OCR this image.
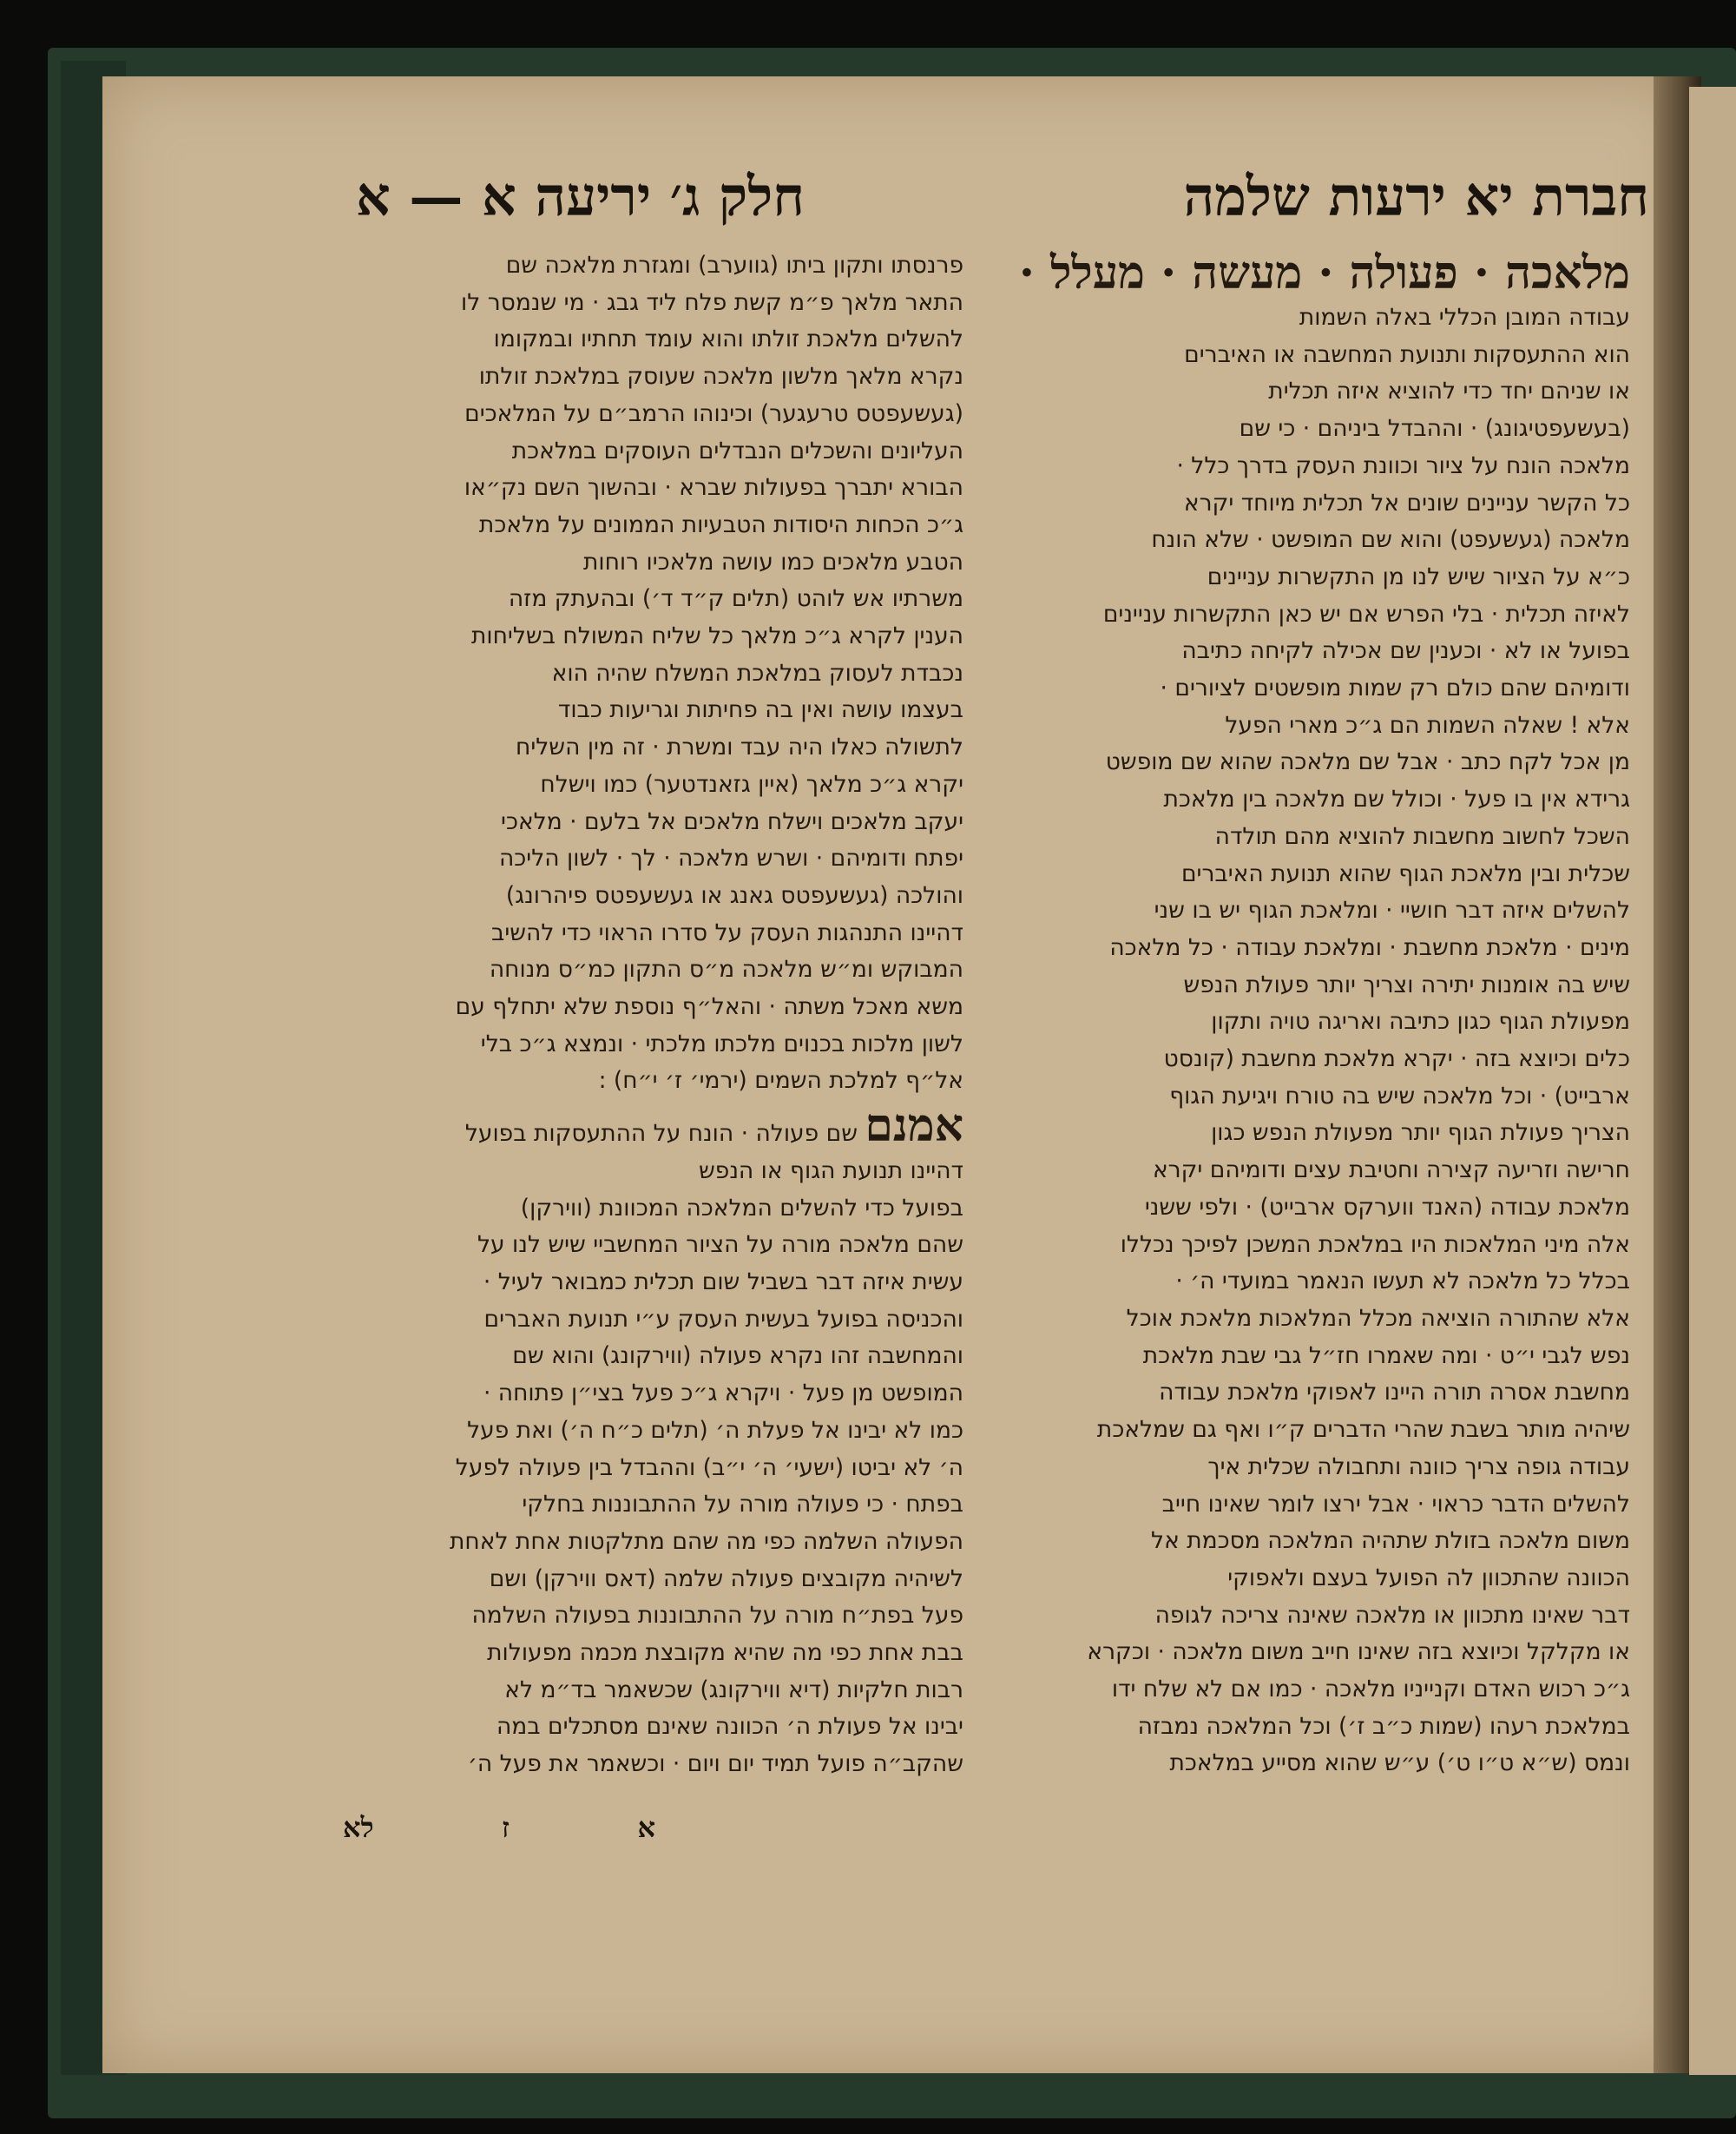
חברת יא ירעות שלמה
חלק ג׳ יריעה א — א

מלאכה · פעולה · מעשה · מעלל ·

עבודה המובן הכללי באלה השמות

הוא ההתעסקות ותנועת המחשבה או האיברים

או שניהם יחד כדי להוציא איזה תכלית

(בעשעפטיגונג) · וההבדל ביניהם · כי שם

מלאכה הונח על ציור וכוונת העסק בדרך כלל ·

כל הקשר עניינים שונים אל תכלית מיוחד יקרא

מלאכה (געשעפט) והוא שם המופשט · שלא הונח

כ״א על הציור שיש לנו מן התקשרות עניינים

לאיזה תכלית · בלי הפרש אם יש כאן התקשרות עניינים

בפועל או לא · וכענין שם אכילה לקיחה כתיבה

ודומיהם שהם כולם רק שמות מופשטים לציורים ·

אלא ! שאלה השמות הם ג״כ מארי הפעל

מן אכל לקח כתב · אבל שם מלאכה שהוא שם מופשט

גרידא אין בו פעל · וכולל שם מלאכה בין מלאכת

השכל לחשוב מחשבות להוציא מהם תולדה

שכלית ובין מלאכת הגוף שהוא תנועת האיברים

להשלים איזה דבר חושיי · ומלאכת הגוף יש בו שני

מינים · מלאכת מחשבת · ומלאכת עבודה · כל מלאכה

שיש בה אומנות יתירה וצריך יותר פעולת הנפש

מפעולת הגוף כגון כתיבה ואריגה טויה ותקון

כלים וכיוצא בזה · יקרא מלאכת מחשבת (קונסט

ארבייט) · וכל מלאכה שיש בה טורח ויגיעת הגוף

הצריך פעולת הגוף יותר מפעולת הנפש כגון

חרישה וזריעה קצירה וחטיבת עצים ודומיהם יקרא

מלאכת עבודה (האנד ווערקס ארבייט) · ולפי ששני

אלה מיני המלאכות היו במלאכת המשכן לפיכך נכללו

בכלל כל מלאכה לא תעשו הנאמר במועדי ה׳ ·

אלא שהתורה הוציאה מכלל המלאכות מלאכת אוכל

נפש לגבי י״ט · ומה שאמרו חז״ל גבי שבת מלאכת

מחשבת אסרה תורה היינו לאפוקי מלאכת עבודה

שיהיה מותר בשבת שהרי הדברים ק״ו ואף גם שמלאכת

עבודה גופה צריך כוונה ותחבולה שכלית איך

להשלים הדבר כראוי · אבל ירצו לומר שאינו חייב

משום מלאכה בזולת שתהיה המלאכה מסכמת אל

הכוונה שהתכוון לה הפועל בעצם ולאפוקי

דבר שאינו מתכוון או מלאכה שאינה צריכה לגופה

או מקלקל וכיוצא בזה שאינו חייב משום מלאכה · וכקרא

ג״כ רכוש האדם וקנייניו מלאכה · כמו אם לא שלח ידו

במלאכת רעהו (שמות כ״ב ז׳) וכל המלאכה נמבזה

ונמס (ש״א ט״ו ט׳) ע״ש שהוא מסייע במלאכת

פרנסתו ותקון ביתו (גווערב) ומגזרת מלאכה שם

התאר מלאך פ״מ קשת פלח ליד גבג · מי שנמסר לו

להשלים מלאכת זולתו והוא עומד תחתיו ובמקומו

נקרא מלאך מלשון מלאכה שעוסק במלאכת זולתו

(געשעפטס טרעגער) וכינוהו הרמב״ם על המלאכים

העליונים והשכלים הנבדלים העוסקים במלאכת

הבורא יתברך בפעולות שברא · ובהשוך השם נק״או

ג״כ הכחות היסודות הטבעיות הממונים על מלאכת

הטבע מלאכים כמו עושה מלאכיו רוחות

משרתיו אש לוהט (תלים ק״ד ד׳) ובהעתק מזה

הענין לקרא ג״כ מלאך כל שליח המשולח בשליחות

נכבדת לעסוק במלאכת המשלח שהיה הוא

בעצמו עושה ואין בה פחיתות וגריעות כבוד

לתשולה כאלו היה עבד ומשרת · זה מין השליח

יקרא ג״כ מלאך (איין גזאנדטער) כמו וישלח

יעקב מלאכים וישלח מלאכים אל בלעם · מלאכי

יפתח ודומיהם · ושרש מלאכה · לך · לשון הליכה

והולכה (געשעפטס גאנג או געשעפטס פיהרונג)

דהיינו התנהגות העסק על סדרו הראוי כדי להשיב

המבוקש ומ״ש מלאכה מ״ס התקון כמ״ס מנוחה

משא מאכל משתה · והאל״ף נוספת שלא יתחלף עם

לשון מלכות בכנוים מלכתו מלכתי · ונמצא ג״כ בלי

אל״ף למלכת השמים (ירמי׳ ז׳ י״ח) :

אמנם שם פעולה · הונח על ההתעסקות בפועל

דהיינו תנועת הגוף או הנפש

בפועל כדי להשלים המלאכה המכוונת (ווירקן)

שהם מלאכה מורה על הציור המחשביי שיש לנו על

עשית איזה דבר בשביל שום תכלית כמבואר לעיל ·

והכניסה בפועל בעשית העסק ע״י תנועת האברים

והמחשבה זהו נקרא פעולה (ווירקונג) והוא שם

המופשט מן פעל · ויקרא ג״כ פעל בצי״ן פתוחה ·

כמו לא יבינו אל פעלת ה׳ (תלים כ״ח ה׳) ואת פעל

ה׳ לא יביטו (ישעי׳ ה׳ י״ב) וההבדל בין פעולה לפעל

בפתח · כי פעולה מורה על ההתבוננות בחלקי

הפעולה השלמה כפי מה שהם מתלקטות אחת לאחת

לשיהיה מקובצים פעולה שלמה (דאס ווירקן) ושם

פעל בפת״ח מורה על ההתבוננות בפעולה השלמה

בבת אחת כפי מה שהיא מקובצת מכמה מפעולות

רבות חלקיות (דיא ווירקונג) שכשאמר בד״מ לא

יבינו אל פעולת ה׳ הכוונה שאינם מסתכלים במה

שהקב״ה פועל תמיד יום ויום · וכשאמר את פעל ה׳

א
ז
לא
